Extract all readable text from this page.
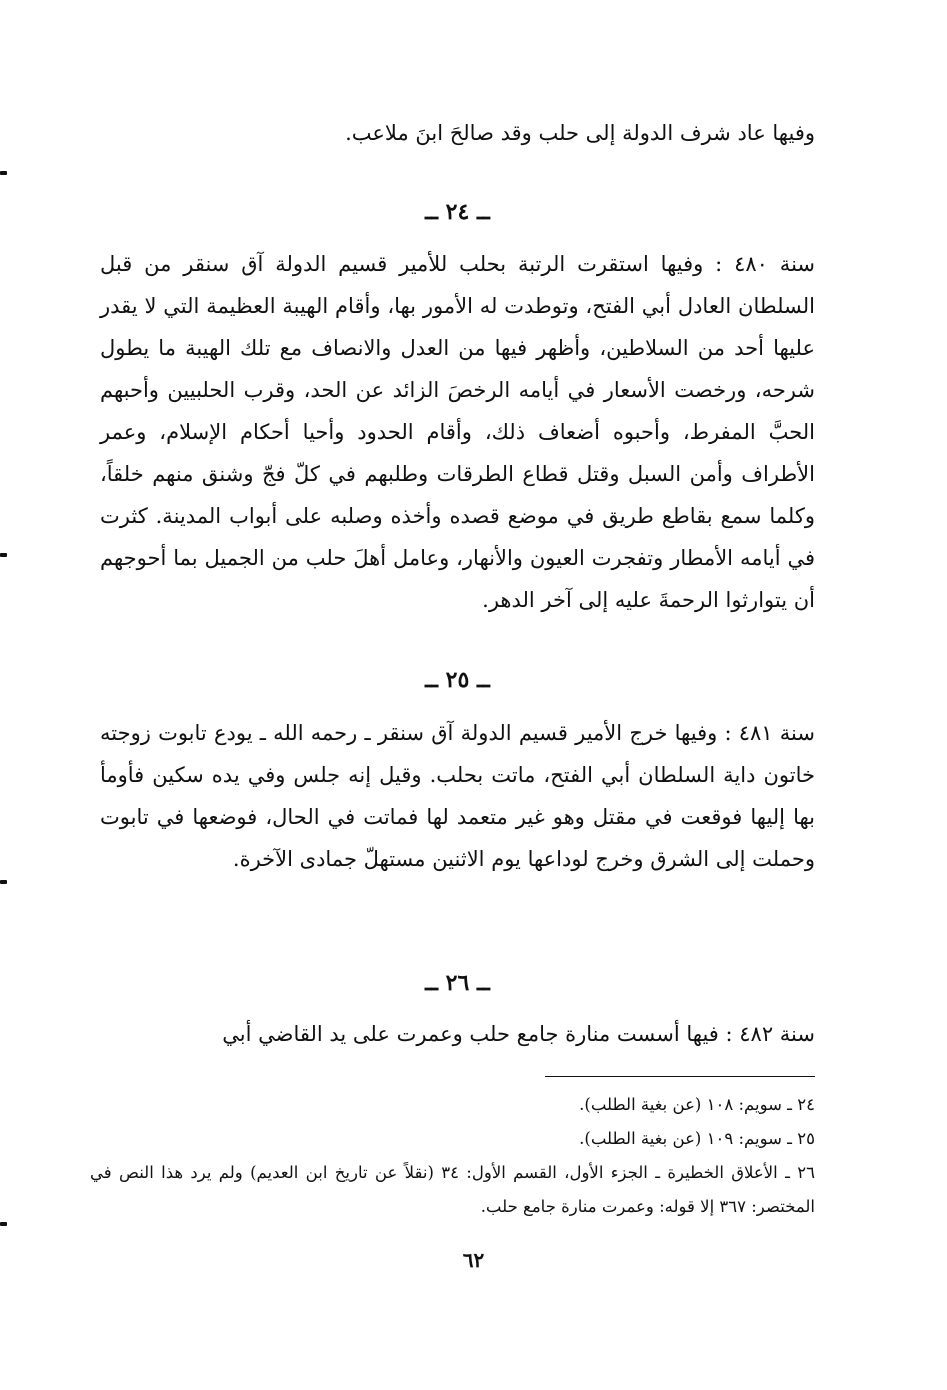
وفيها عاد شرف الدولة إلى حلب وقد صالحَ ابنَ ملاعب.

ــ ٢٤ ــ

سنة ٤٨٠ : وفيها استقرت الرتبة بحلب للأمير قسيم الدولة آق سنقر من قبل السلطان العادل أبي الفتح، وتوطدت له الأمور بها، وأقام الهيبة العظيمة التي لا يقدر عليها أحد من السلاطين، وأظهر فيها من العدل والانصاف مع تلك الهيبة ما يطول شرحه، ورخصت الأسعار في أيامه الرخصَ الزائد عن الحد، وقرب الحلبيين وأحبهم الحبَّ المفرط، وأحبوه أضعاف ذلك، وأقام الحدود وأحيا أحكام الإسلام، وعمر الأطراف وأمن السبل وقتل قطاع الطرقات وطلبهم في كلّ فجّ وشنق منهم خلقاً، وكلما سمع بقاطع طريق في موضع قصده وأخذه وصلبه على أبواب المدينة. كثرت في أيامه الأمطار وتفجرت العيون والأنهار، وعامل أهلَ حلب من الجميل بما أحوجهم أن يتوارثوا الرحمةَ عليه إلى آخر الدهر.

ــ ٢٥ ــ

سنة ٤٨١ : وفيها خرج الأمير قسيم الدولة آق سنقر ـ رحمه الله ـ يودع تابوت زوجته خاتون داية السلطان أبي الفتح، ماتت بحلب. وقيل إنه جلس وفي يده سكين فأومأ بها إليها فوقعت في مقتل وهو غير متعمد لها فماتت في الحال، فوضعها في تابوت وحملت إلى الشرق وخرج لوداعها يوم الاثنين مستهلّ جمادى الآخرة.

ــ ٢٦ ــ

سنة ٤٨٢ : فيها أسست منارة جامع حلب وعمرت على يد القاضي أبي

٢٤ ـ سويم: ١٠٨ (عن بغية الطلب).
٢٥ ـ سويم: ١٠٩ (عن بغية الطلب).
٢٦ ـ الأعلاق الخطيرة ـ الجزء الأول، القسم الأول: ٣٤ (نقلاً عن تاريخ ابن العديم) ولم يرد هذا النص في المختصر: ٣٦٧ إلا قوله: وعمرت منارة جامع حلب.
٦٢
